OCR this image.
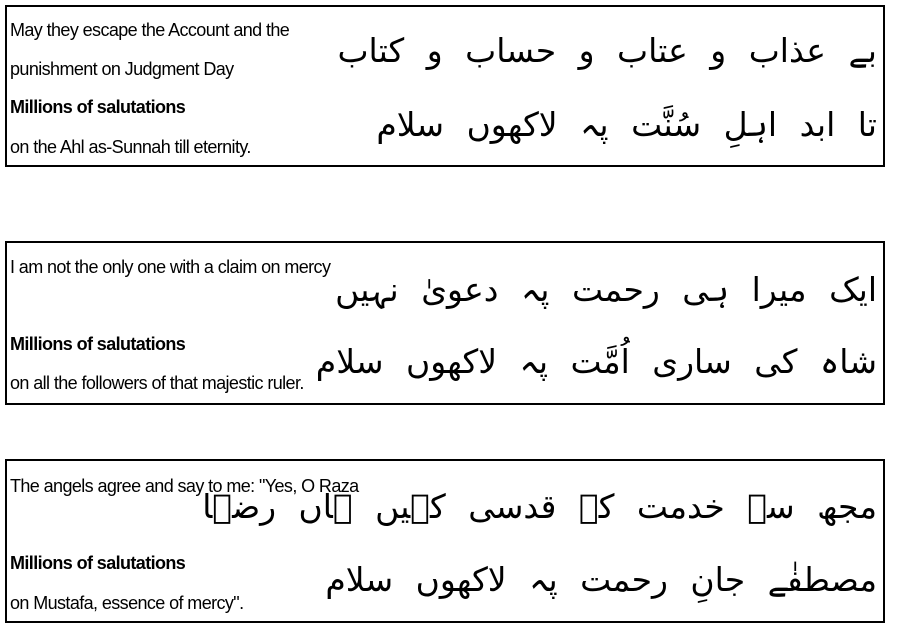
May they escape the Account and the
punishment on Judgment Day
Millions of salutations
on the Ahl as-Sunnah till eternity.
بے عذاب و عتاب و حساب و کتاب
تا ابد اہلِ سُنَّت پہ لاکھوں سلام
I am not the only one with a claim on mercy
Millions of salutations
on all the followers of that majestic ruler.
ایک میرا ہی رحمت پہ دعویٰ نہیں
شاہ کی ساری اُمَّت پہ لاکھوں سلام
The angels agree and say to me: "Yes, O Raza
Millions of salutations
on Mustafa, essence of mercy".
مجھ سے خدمت کے قدسی کہیں ہاں رضؔا
مصطفٰے جانِ رحمت پہ لاکھوں سلام
